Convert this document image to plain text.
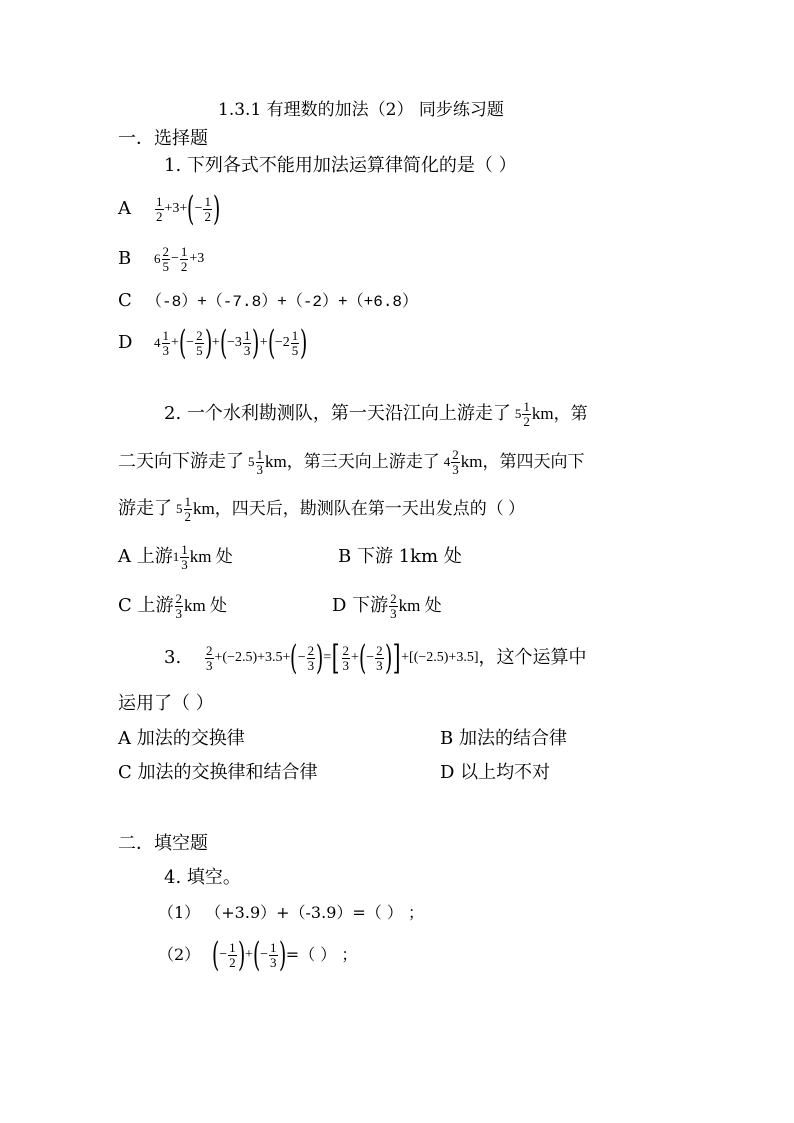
1.3.1 有理数的加法（2） 同步练习题
一．选择题
1. 下列各式不能用加法运算律简化的是（ ）
A	$\frac{1}{2} +3+$ ( − $\frac{1}{2}$ )
B	$6 \frac{2}{5} - \frac{1}{2} +3$
C （-8）+（-7.8）+（-2）+（+6.8）
D	$4 \frac{1}{3}$ + ( − $\frac{2}{5}$ ) + ( $-3 \frac{1}{3}$ ) + ( $-2 \frac{1}{5}$ )
2. 一个水利勘测队，第一天沿江向上游走了 $5 \frac{1}{2}$ km，第
二天向下游走了 $5 \frac{1}{3}$ km，第三天向上游走了 $4 \frac{2}{3}$ km，第四天向下
游走了 $5 \frac{1}{2}$ km，四天后，勘测队在第一天出发点的（ ）
A 上游 $1 \frac{1}{3}$ km 处	B 下游 1km 处
C 上游 $\frac{2}{3}$ km 处	D 下游 $\frac{2}{3}$ km 处
3.	$\frac{2}{3} + (-2.5)+3.5+$ ( − $\frac{2}{3}$ ) = [ $\frac{2}{3}$ + ( − $\frac{2}{3}$ ) ] +[(−2.5)+3.5] ，这个运算中
运用了（ ）
A 加法的交换律	B 加法的结合律
C 加法的交换律和结合律	D 以上均不对
二．填空题
4. 填空。
（1） （+3.9）+（-3.9）=（ ） ；
（2） ( − $\frac{1}{2}$ ) + ( − $\frac{1}{3}$ ) =（ ） ；
